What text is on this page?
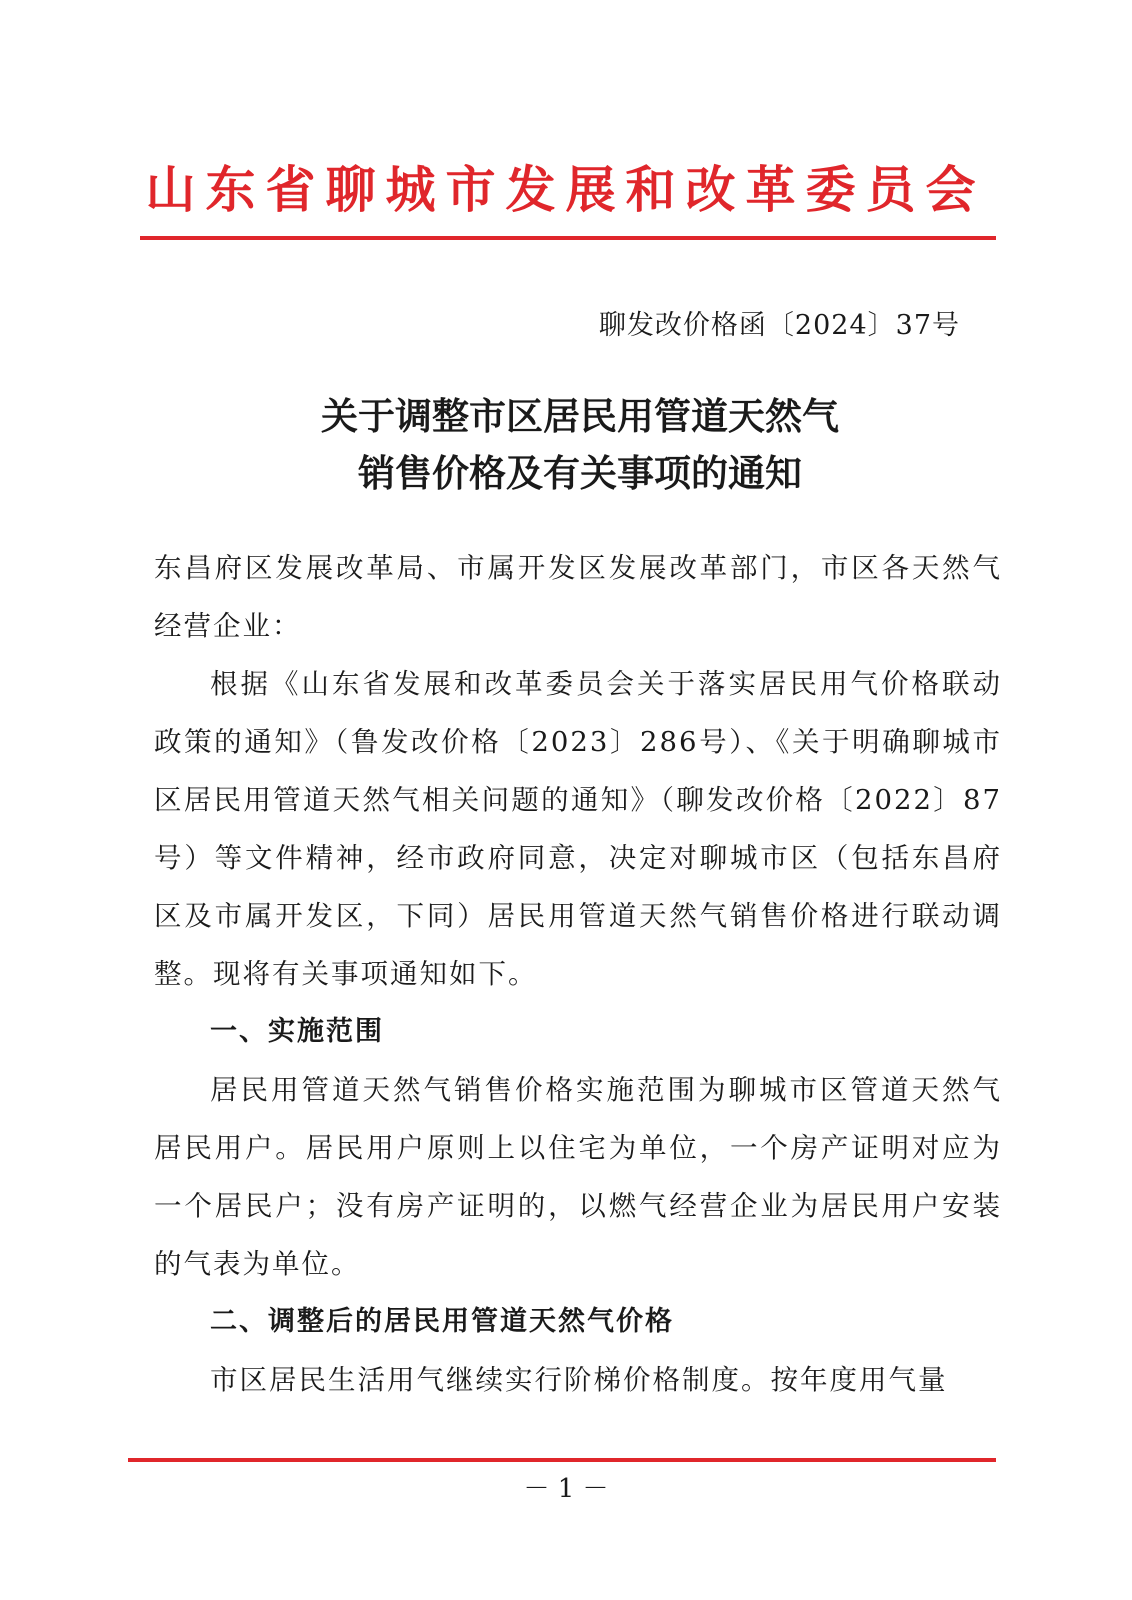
山东省聊城市发展和改革委员会
聊发改价格函〔2024〕37号
关于调整市区居民用管道天然气
销售价格及有关事项的通知

东昌府区发展改革局、市属开发区发展改革部门，市区各天然气经营企业：

根据《山东省发展和改革委员会关于落实居民用气价格联动政策的通知》（鲁发改价格〔2023〕286号）、《关于明确聊城市区居民用管道天然气相关问题的通知》（聊发改价格〔2022〕87号）等文件精神，经市政府同意，决定对聊城市区（包括东昌府区及市属开发区，下同）居民用管道天然气销售价格进行联动调整。现将有关事项通知如下。

一、实施范围

居民用管道天然气销售价格实施范围为聊城市区管道天然气居民用户。居民用户原则上以住宅为单位，一个房产证明对应为一个居民户；没有房产证明的，以燃气经营企业为居民用户安装的气表为单位。

二、调整后的居民用管道天然气价格

市区居民生活用气继续实行阶梯价格制度。按年度用气量

－ 1 －
